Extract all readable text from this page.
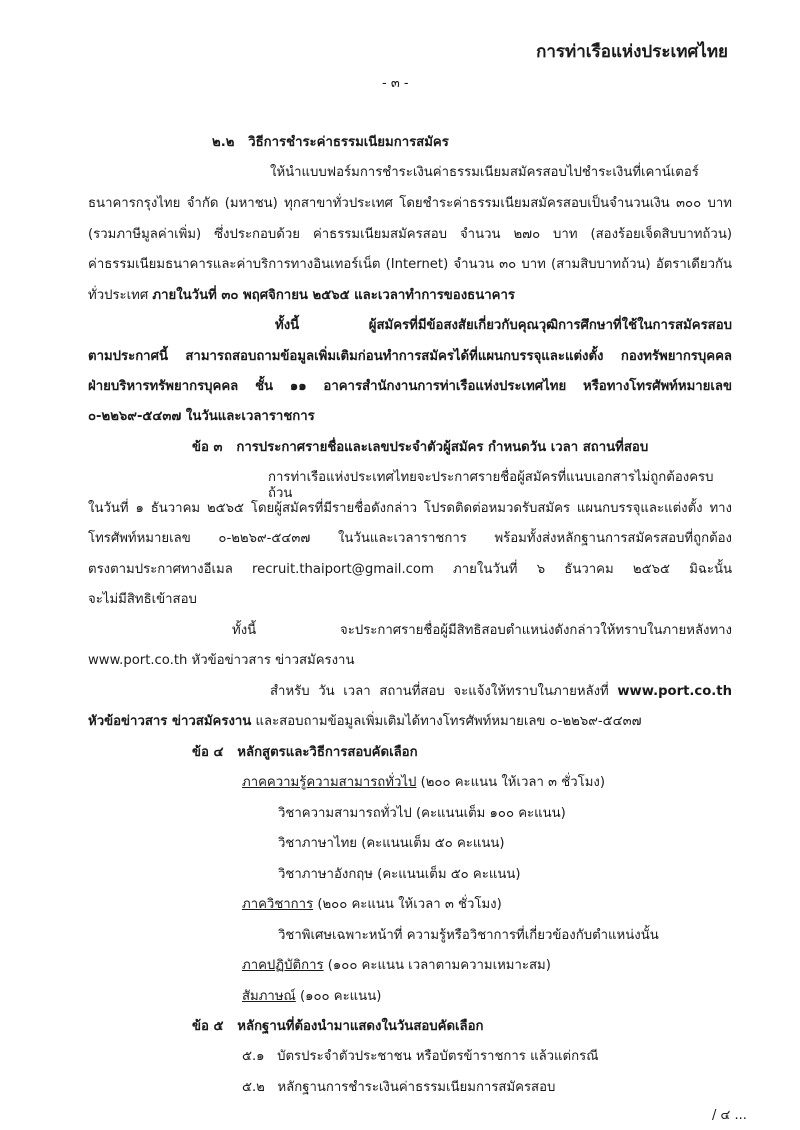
การท่าเรือแห่งประเทศไทย
- ๓ -
๒.๒ วิธีการชำระค่าธรรมเนียมการสมัคร
ให้นำแบบฟอร์มการชำระเงินค่าธรรมเนียมสมัครสอบไปชำระเงินที่เคาน์เตอร์
ธนาคารกรุงไทย จำกัด (มหาชน) ทุกสาขาทั่วประเทศ โดยชำระค่าธรรมเนียมสมัครสอบเป็นจำนวนเงิน ๓๐๐ บาท
(รวมภาษีมูลค่าเพิ่ม) ซึ่งประกอบด้วย ค่าธรรมเนียมสมัครสอบ จำนวน ๒๗๐ บาท (สองร้อยเจ็ดสิบบาทถ้วน)
ค่าธรรมเนียมธนาคารและค่าบริการทางอินเทอร์เน็ต (Internet) จำนวน ๓๐ บาท (สามสิบบาทถ้วน) อัตราเดียวกัน
ทั่วประเทศ ภายในวันที่ ๓๐ พฤศจิกายน ๒๕๖๕ และเวลาทำการของธนาคาร
ทั้งนี้ ผู้สมัครที่มีข้อสงสัยเกี่ยวกับคุณวุฒิการศึกษาที่ใช้ในการสมัครสอบ
ตามประกาศนี้ สามารถสอบถามข้อมูลเพิ่มเติมก่อนทำการสมัครได้ที่แผนกบรรจุและแต่งตั้ง กองทรัพยากรบุคคล
ฝ่ายบริหารทรัพยากรบุคคล ชั้น ๑๑ อาคารสำนักงานการท่าเรือแห่งประเทศไทย หรือทางโทรศัพท์หมายเลข
๐-๒๒๖๙-๕๔๓๗ ในวันและเวลาราชการ
ข้อ ๓ การประกาศรายชื่อและเลขประจำตัวผู้สมัคร กำหนดวัน เวลา สถานที่สอบ
การท่าเรือแห่งประเทศไทยจะประกาศรายชื่อผู้สมัครที่แนบเอกสารไม่ถูกต้องครบถ้วน
ในวันที่ ๑ ธันวาคม ๒๕๖๕ โดยผู้สมัครที่มีรายชื่อดังกล่าว โปรดติดต่อหมวดรับสมัคร แผนกบรรจุและแต่งตั้ง ทาง
โทรศัพท์หมายเลข ๐-๒๒๖๙-๕๔๓๗ ในวันและเวลาราชการ พร้อมทั้งส่งหลักฐานการสมัครสอบที่ถูกต้อง
ตรงตามประกาศทางอีเมล recruit.thaiport@gmail.com ภายในวันที่ ๖ ธันวาคม ๒๕๖๕ มิฉะนั้น
จะไม่มีสิทธิเข้าสอบ
ทั้งนี้ จะประกาศรายชื่อผู้มีสิทธิสอบตำแหน่งดังกล่าวให้ทราบในภายหลังทาง
www.port.co.th หัวข้อข่าวสาร ข่าวสมัครงาน
สำหรับ วัน เวลา สถานที่สอบ จะแจ้งให้ทราบในภายหลังที่ www.port.co.th
หัวข้อข่าวสาร ข่าวสมัครงาน และสอบถามข้อมูลเพิ่มเติมได้ทางโทรศัพท์หมายเลข ๐-๒๒๖๙-๕๔๓๗
ข้อ ๔ หลักสูตรและวิธีการสอบคัดเลือก
ภาคความรู้ความสามารถทั่วไป (๒๐๐ คะแนน ให้เวลา ๓ ชั่วโมง)
วิชาความสามารถทั่วไป (คะแนนเต็ม ๑๐๐ คะแนน)
วิชาภาษาไทย (คะแนนเต็ม ๕๐ คะแนน)
วิชาภาษาอังกฤษ (คะแนนเต็ม ๕๐ คะแนน)
ภาควิชาการ (๒๐๐ คะแนน ให้เวลา ๓ ชั่วโมง)
วิชาพิเศษเฉพาะหน้าที่ ความรู้หรือวิชาการที่เกี่ยวข้องกับตำแหน่งนั้น
ภาคปฏิบัติการ (๑๐๐ คะแนน เวลาตามความเหมาะสม)
สัมภาษณ์ (๑๐๐ คะแนน)
ข้อ ๕ หลักฐานที่ต้องนำมาแสดงในวันสอบคัดเลือก
๕.๑ บัตรประจำตัวประชาชน หรือบัตรข้าราชการ แล้วแต่กรณี
๕.๒ หลักฐานการชำระเงินค่าธรรมเนียมการสมัครสอบ
/ ๔ ...
